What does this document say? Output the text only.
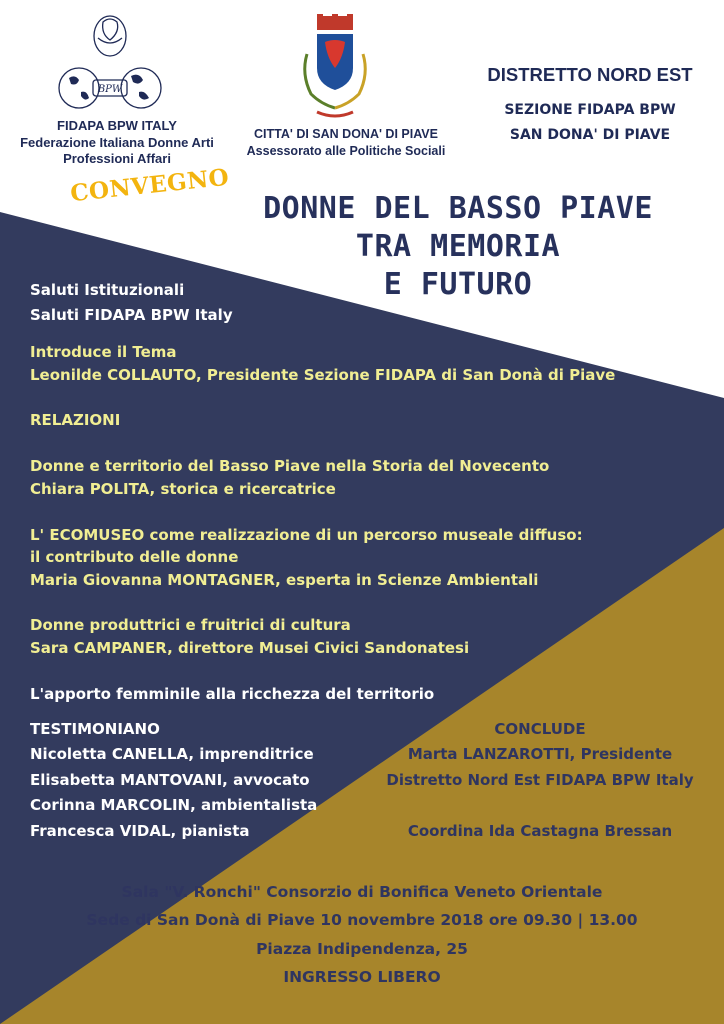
BPW
FIDAPA BPW ITALY
Federazione Italiana Donne Arti
Professioni Affari
CITTA' DI SAN DONA' DI PIAVE
Assessorato alle Politiche Sociali
DISTRETTO NORD EST
SEZIONE FIDAPA BPW
SAN DONA' DI PIAVE
CONVEGNO
DONNE DEL BASSO PIAVE
TRA MEMORIA
E FUTURO
Saluti Istituzionali
Saluti FIDAPA BPW Italy
Introduce il Tema
Leonilde COLLAUTO, Presidente Sezione FIDAPA di San Donà di Piave
RELAZIONI
Donne e territorio del Basso Piave nella Storia del Novecento
Chiara POLITA, storica e ricercatrice
L' ECOMUSEO come realizzazione di un percorso museale diffuso:
il contributo delle donne
Maria Giovanna MONTAGNER, esperta in Scienze Ambientali
Donne produttrici e fruitrici di cultura
Sara CAMPANER, direttore Musei Civici Sandonatesi
L'apporto femminile alla ricchezza del territorio
TESTIMONIANO
Nicoletta CANELLA, imprenditrice
Elisabetta MANTOVANI, avvocato
Corinna MARCOLIN, ambientalista
Francesca VIDAL, pianista
CONCLUDE
Marta LANZAROTTI, Presidente
Distretto Nord Est FIDAPA BPW Italy
Coordina Ida Castagna Bressan
Sala "V. Ronchi" Consorzio di Bonifica Veneto Orientale
Sede di San Donà di Piave 10 novembre 2018 ore 09.30 | 13.00
Piazza Indipendenza, 25
INGRESSO LIBERO
